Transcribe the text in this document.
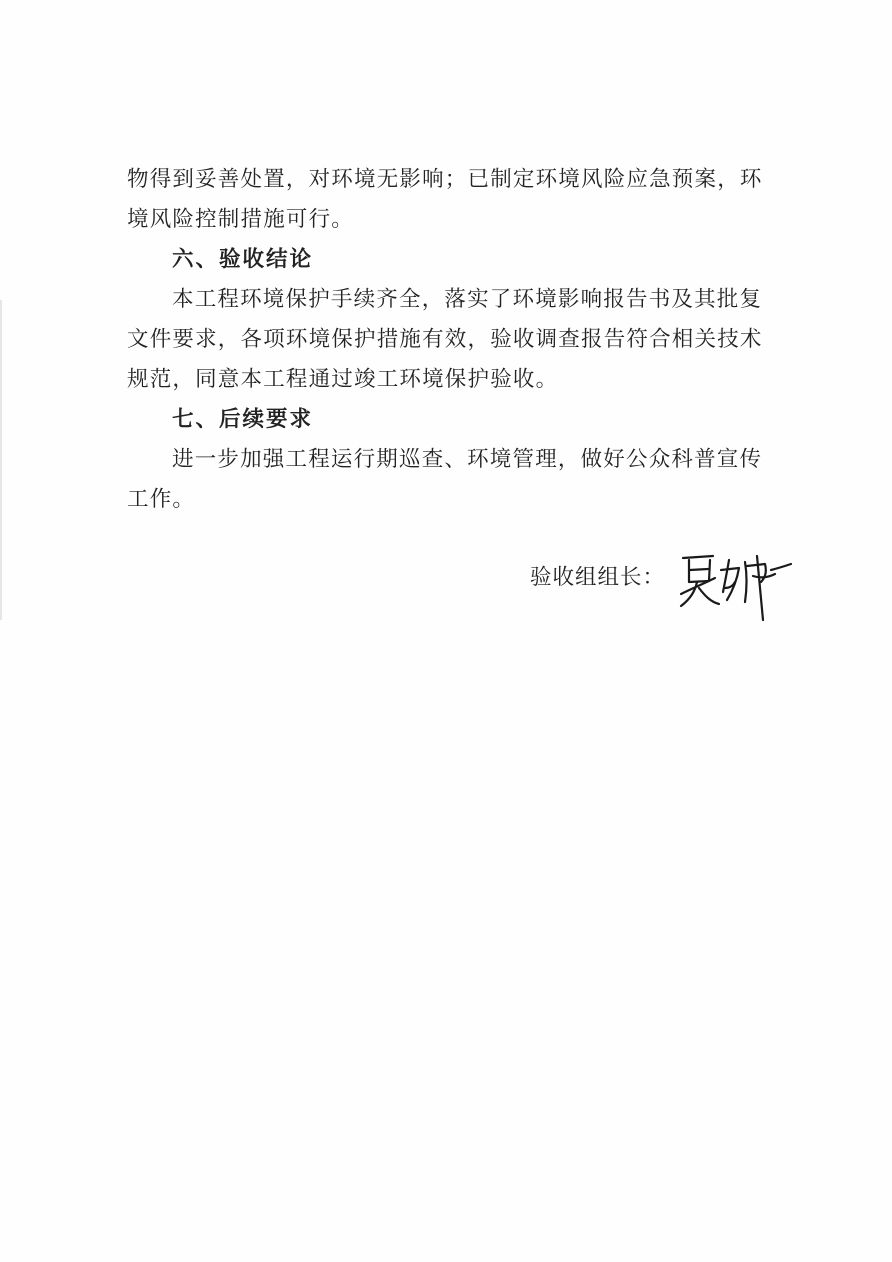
物得到妥善处置，对环境无影响；已制定环境风险应急预案，环
境风险控制措施可行。
六、验收结论
本工程环境保护手续齐全，落实了环境影响报告书及其批复
文件要求，各项环境保护措施有效，验收调查报告符合相关技术
规范，同意本工程通过竣工环境保护验收。
七、后续要求
进一步加强工程运行期巡查、环境管理，做好公众科普宣传
工作。
验收组组长：
